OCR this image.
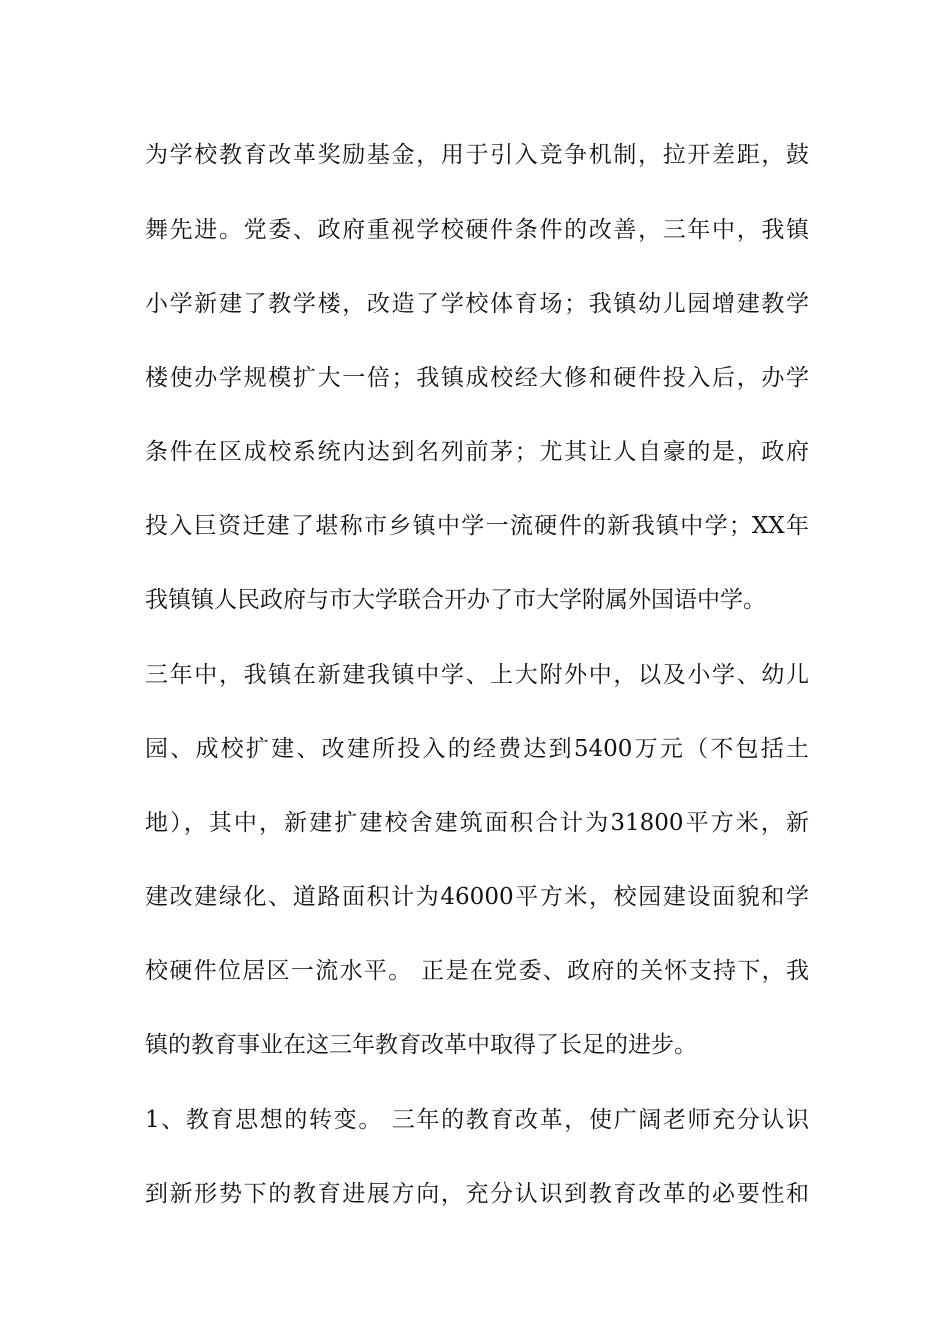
为学校教育改革奖励基金，用于引入竞争机制，拉开差距，鼓
舞先进。党委、政府重视学校硬件条件的改善，三年中，我镇
小学新建了教学楼，改造了学校体育场；我镇幼儿园增建教学
楼使办学规模扩大一倍；我镇成校经大修和硬件投入后，办学
条件在区成校系统内达到名列前茅；尤其让人自豪的是，政府
投入巨资迁建了堪称市乡镇中学一流硬件的新我镇中学；XX年
我镇镇人民政府与市大学联合开办了市大学附属外国语中学。
三年中，我镇在新建我镇中学、上大附外中，以及小学、幼儿
园、成校扩建、改建所投入的经费达到5400万元（不包括土
地），其中，新建扩建校舍建筑面积合计为31800平方米，新
建改建绿化、道路面积计为46000平方米，校园建设面貌和学
校硬件位居区一流水平。 正是在党委、政府的关怀支持下，我
镇的教育事业在这三年教育改革中取得了长足的进步。
1、教育思想的转变。 三年的教育改革，使广阔老师充分认识
到新形势下的教育进展方向，充分认识到教育改革的必要性和
